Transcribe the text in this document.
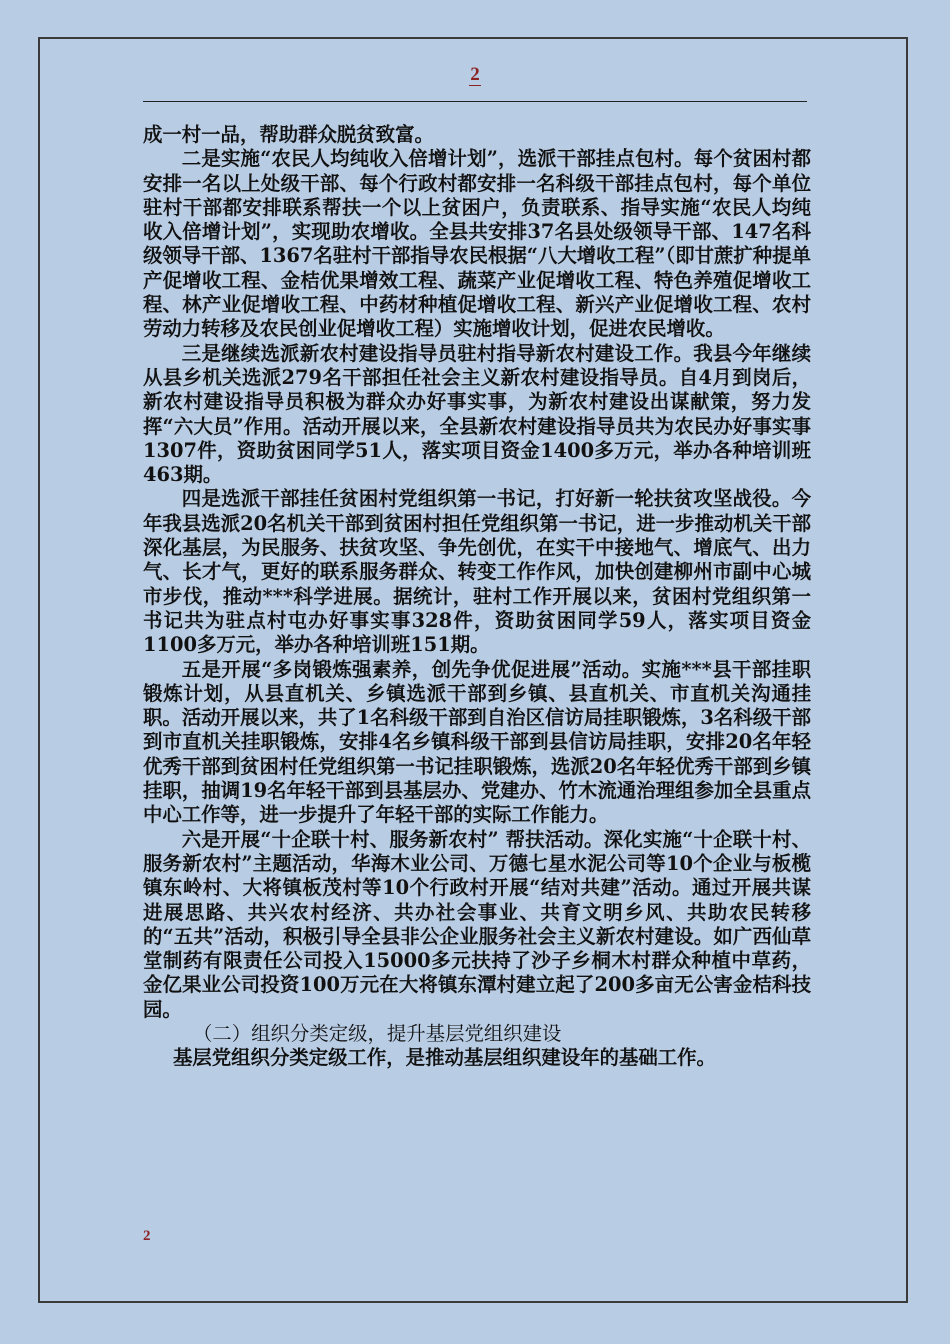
2

成一村一品，帮助群众脱贫致富。

二是实施“农民人均纯收入倍增计划”，选派干部挂点包村。每个贫困村都安排一名以上处级干部、每个行政村都安排一名科级干部挂点包村，每个单位驻村干部都安排联系帮扶一个以上贫困户，负责联系、指导实施“农民人均纯收入倍增计划”，实现助农增收。全县共安排37名县处级领导干部、147名科级领导干部、1367名驻村干部指导农民根据“八大增收工程”（即甘蔗扩种提单产促增收工程、金桔优果增效工程、蔬菜产业促增收工程、特色养殖促增收工程、林产业促增收工程、中药材种植促增收工程、新兴产业促增收工程、农村劳动力转移及农民创业促增收工程）实施增收计划，促进农民增收。

三是继续选派新农村建设指导员驻村指导新农村建设工作。我县今年继续从县乡机关选派279名干部担任社会主义新农村建设指导员。自4月到岗后，新农村建设指导员积极为群众办好事实事，为新农村建设出谋献策，努力发挥“六大员”作用。活动开展以来，全县新农村建设指导员共为农民办好事实事1307件，资助贫困同学51人，落实项目资金1400多万元，举办各种培训班463期。

四是选派干部挂任贫困村党组织第一书记，打好新一轮扶贫攻坚战役。今年我县选派20名机关干部到贫困村担任党组织第一书记，进一步推动机关干部深化基层，为民服务、扶贫攻坚、争先创优，在实干中接地气、增底气、出力气、长才气，更好的联系服务群众、转变工作作风，加快创建柳州市副中心城市步伐，推动***科学进展。据统计，驻村工作开展以来，贫困村党组织第一书记共为驻点村屯办好事实事328件，资助贫困同学59人，落实项目资金1100多万元，举办各种培训班151期。

五是开展“多岗锻炼强素养，创先争优促进展”活动。实施***县干部挂职锻炼计划，从县直机关、乡镇选派干部到乡镇、县直机关、市直机关沟通挂职。活动开展以来，共了1名科级干部到自治区信访局挂职锻炼，3名科级干部到市直机关挂职锻炼，安排4名乡镇科级干部到县信访局挂职，安排20名年轻优秀干部到贫困村任党组织第一书记挂职锻炼，选派20名年轻优秀干部到乡镇挂职，抽调19名年轻干部到县基层办、党建办、竹木流通治理组参加全县重点中心工作等，进一步提升了年轻干部的实际工作能力。

六是开展“十企联十村、服务新农村” 帮扶活动。深化实施“十企联十村、服务新农村”主题活动，华海木业公司、万德七星水泥公司等10个企业与板榄镇东岭村、大将镇板茂村等10个行政村开展“结对共建”活动。通过开展共谋进展思路、共兴农村经济、共办社会事业、共育文明乡风、共助农民转移的“五共”活动，积极引导全县非公企业服务社会主义新农村建设。如广西仙草堂制药有限责任公司投入15000多元扶持了沙子乡桐木村群众种植中草药，金亿果业公司投资100万元在大将镇东潭村建立起了200多亩无公害金桔科技园。

（二）组织分类定级，提升基层党组织建设

基层党组织分类定级工作，是推动基层组织建设年的基础工作。

2
